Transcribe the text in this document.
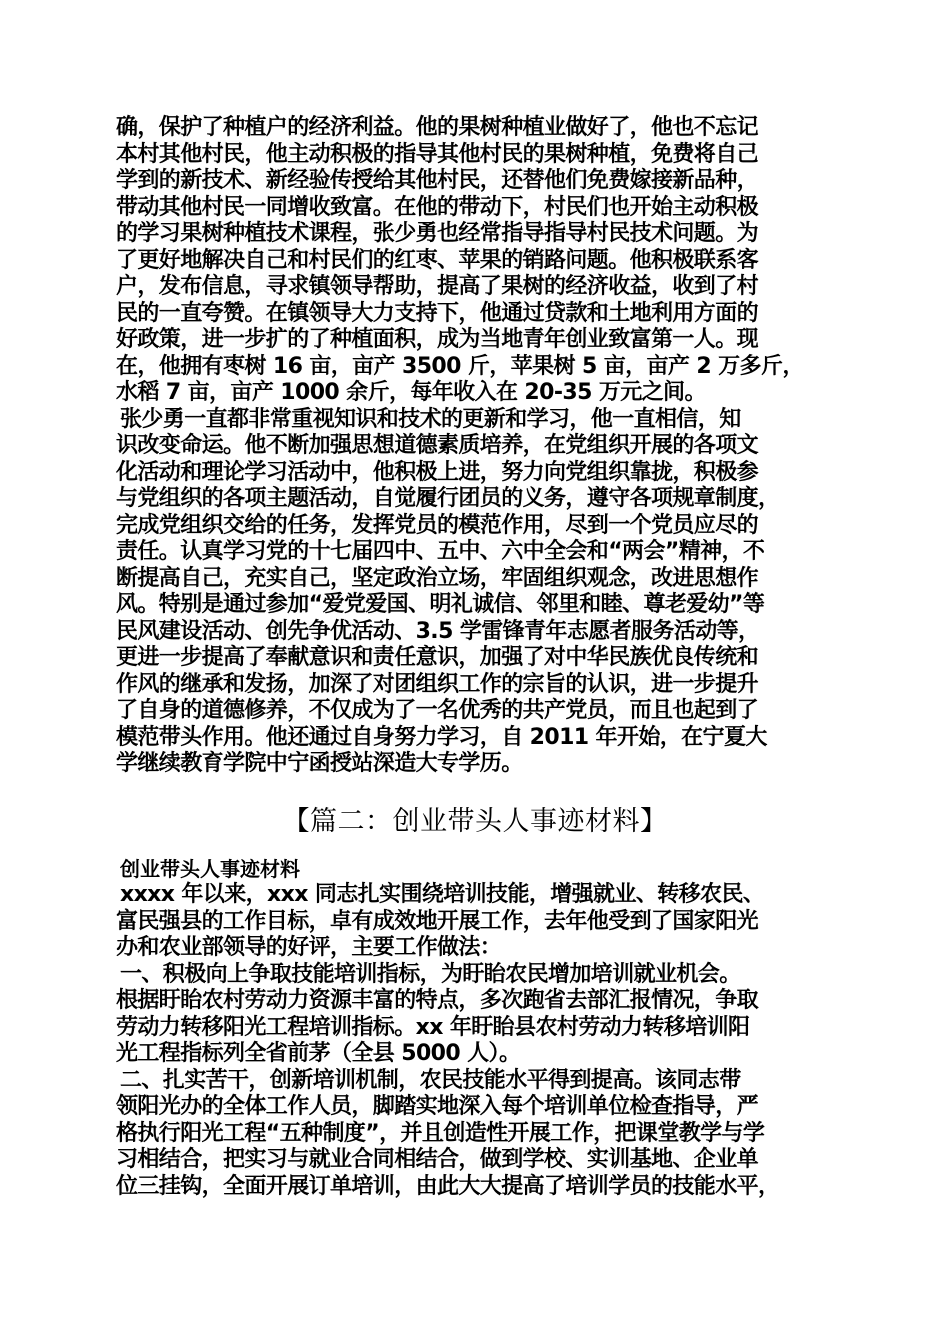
确，保护了种植户的经济利益。他的果树种植业做好了，他也不忘记
本村其他村民，他主动积极的指导其他村民的果树种植，免费将自己
学到的新技术、新经验传授给其他村民，还替他们免费嫁接新品种，
带动其他村民一同增收致富。在他的带动下，村民们也开始主动积极
的学习果树种植技术课程，张少勇也经常指导指导村民技术问题。为
了更好地解决自己和村民们的红枣、苹果的销路问题。他积极联系客
户，发布信息，寻求镇领导帮助，提高了果树的经济收益，收到了村
民的一直夸赞。在镇领导大力支持下，他通过贷款和土地利用方面的
好政策，进一步扩的了种植面积，成为当地青年创业致富第一人。现
在，他拥有枣树 16 亩，亩产 3500 斤，苹果树 5 亩，亩产 2 万多斤，
水稻 7 亩，亩产 1000 余斤，每年收入在 20-35 万元之间。
张少勇一直都非常重视知识和技术的更新和学习，他一直相信，知
识改变命运。他不断加强思想道德素质培养，在党组织开展的各项文
化活动和理论学习活动中，他积极上进，努力向党组织靠拢，积极参
与党组织的各项主题活动，自觉履行团员的义务，遵守各项规章制度，
完成党组织交给的任务，发挥党员的模范作用，尽到一个党员应尽的
责任。认真学习党的十七届四中、五中、六中全会和“两会”精神，不
断提高自己，充实自己，坚定政治立场，牢固组织观念，改进思想作
风。特别是通过参加“爱党爱国、明礼诚信、邻里和睦、尊老爱幼”等
民风建设活动、创先争优活动、3.5 学雷锋青年志愿者服务活动等，
更进一步提高了奉献意识和责任意识，加强了对中华民族优良传统和
作风的继承和发扬，加深了对团组织工作的宗旨的认识，进一步提升
了自身的道德修养，不仅成为了一名优秀的共产党员，而且也起到了
模范带头作用。他还通过自身努力学习，自 2011 年开始，在宁夏大
学继续教育学院中宁函授站深造大专学历。
【篇二：创业带头人事迹材料】
创业带头人事迹材料
xxxx 年以来，xxx 同志扎实围绕培训技能，增强就业、转移农民、
富民强县的工作目标，卓有成效地开展工作，去年他受到了国家阳光
办和农业部领导的好评，主要工作做法：
一、积极向上争取技能培训指标，为盱眙农民增加培训就业机会。
根据盱眙农村劳动力资源丰富的特点，多次跑省去部汇报情况，争取
劳动力转移阳光工程培训指标。xx 年盱眙县农村劳动力转移培训阳
光工程指标列全省前茅（全县 5000 人）。
二、扎实苦干，创新培训机制，农民技能水平得到提高。该同志带
领阳光办的全体工作人员，脚踏实地深入每个培训单位检查指导，严
格执行阳光工程“五种制度”，并且创造性开展工作，把课堂教学与学
习相结合，把实习与就业合同相结合，做到学校、实训基地、企业单
位三挂钩，全面开展订单培训，由此大大提高了培训学员的技能水平，
